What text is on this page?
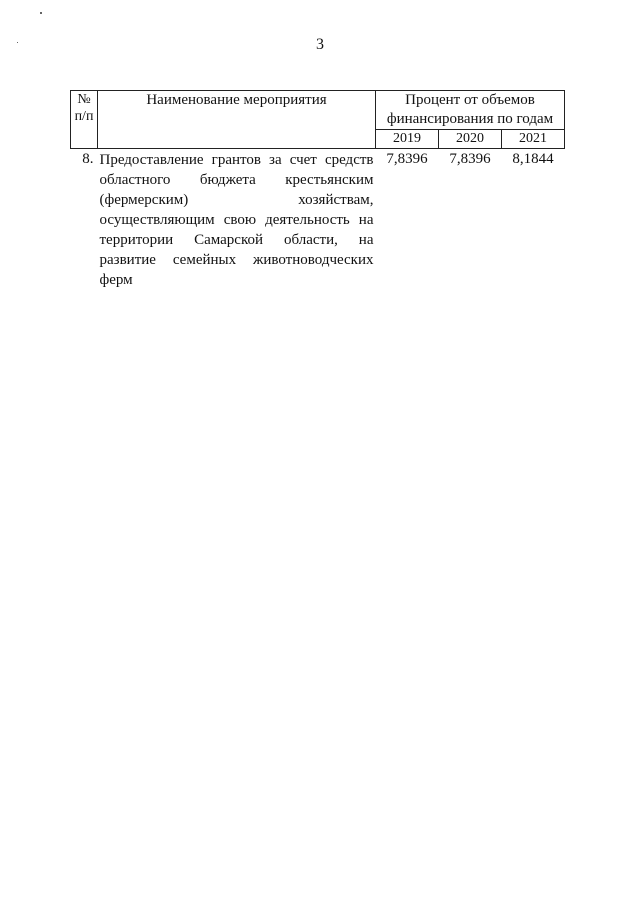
3
№ п/п	Наименование мероприятия	Процент от объемов финансирования по годам		
		2019	2020	2021
8.	Предоставление грантов за счет средств областного бюджета крестьянским (фермерским) хозяйствам, осуществляющим свою деятельность на территории Самарской области, на развитие семейных животноводческих ферм	7,8396	7,8396	8,1844
